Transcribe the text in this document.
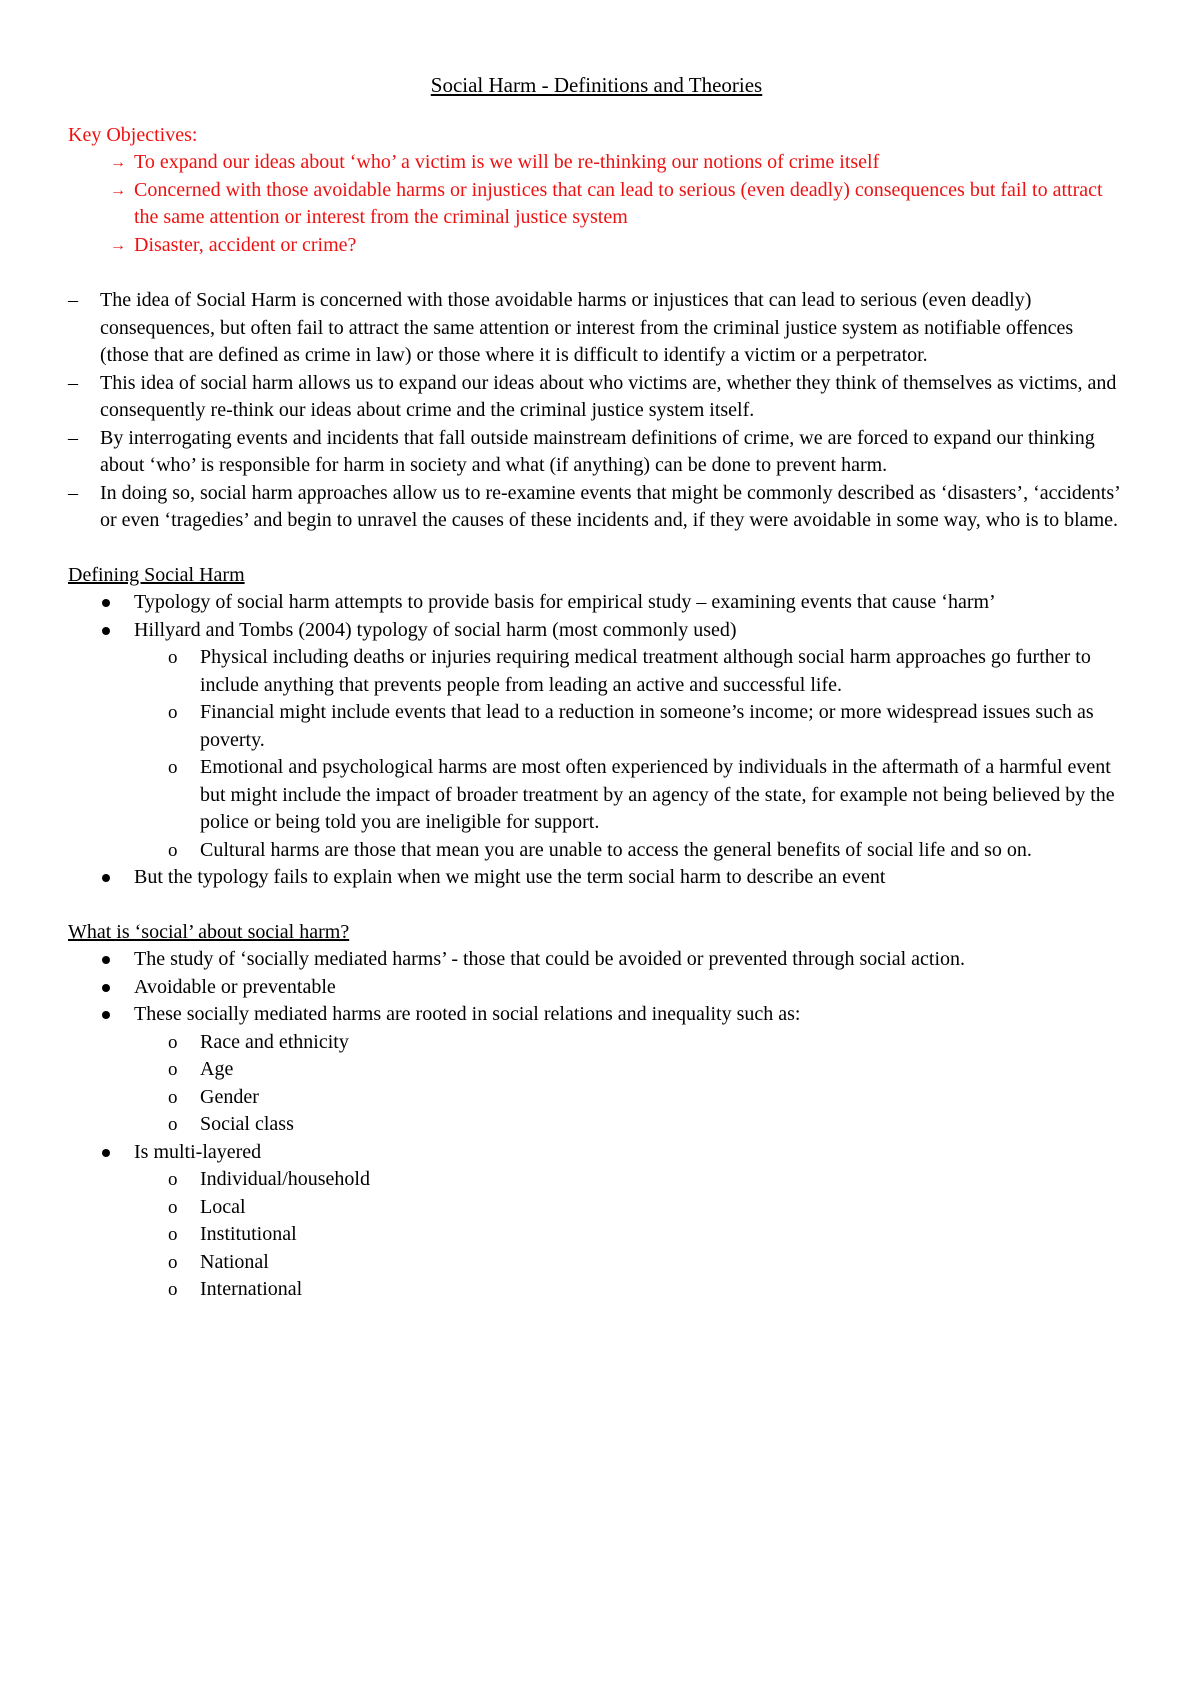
Social Harm - Definitions and Theories

Key Objectives:

→ To expand our ideas about ‘who’ a victim is we will be re-thinking our notions of crime itself
→ Concerned with those avoidable harms or injustices that can lead to serious (even deadly) consequences but fail to attract the same attention or interest from the criminal justice system
→ Disaster, accident or crime?
– The idea of Social Harm is concerned with those avoidable harms or injustices that can lead to serious (even deadly) consequences, but often fail to attract the same attention or interest from the criminal justice system as notifiable offences (those that are defined as crime in law) or those where it is difficult to identify a victim or a perpetrator.
– This idea of social harm allows us to expand our ideas about who victims are, whether they think of themselves as victims, and consequently re-think our ideas about crime and the criminal justice system itself.
– By interrogating events and incidents that fall outside mainstream definitions of crime, we are forced to expand our thinking about ‘who’ is responsible for harm in society and what (if anything) can be done to prevent harm.
– In doing so, social harm approaches allow us to re-examine events that might be commonly described as ‘disasters’, ‘accidents’ or even ‘tragedies’ and begin to unravel the causes of these incidents and, if they were avoidable in some way, who is to blame.

Defining Social Harm

Typology of social harm attempts to provide basis for empirical study – examining events that cause ‘harm’
Hillyard and Tombs (2004) typology of social harm (most commonly used)
o Physical including deaths or injuries requiring medical treatment although social harm approaches go further to include anything that prevents people from leading an active and successful life.
o Financial might include events that lead to a reduction in someone’s income; or more widespread issues such as poverty.
o Emotional and psychological harms are most often experienced by individuals in the aftermath of a harmful event but might include the impact of broader treatment by an agency of the state, for example not being believed by the police or being told you are ineligible for support.
o Cultural harms are those that mean you are unable to access the general benefits of social life and so on.
But the typology fails to explain when we might use the term social harm to describe an event

What is ‘social’ about social harm?

The study of ‘socially mediated harms’ - those that could be avoided or prevented through social action.
Avoidable or preventable
These socially mediated harms are rooted in social relations and inequality such as:
o Race and ethnicity
o Age
o Gender
o Social class
Is multi-layered
o Individual/household
o Local
o Institutional
o National
o International
